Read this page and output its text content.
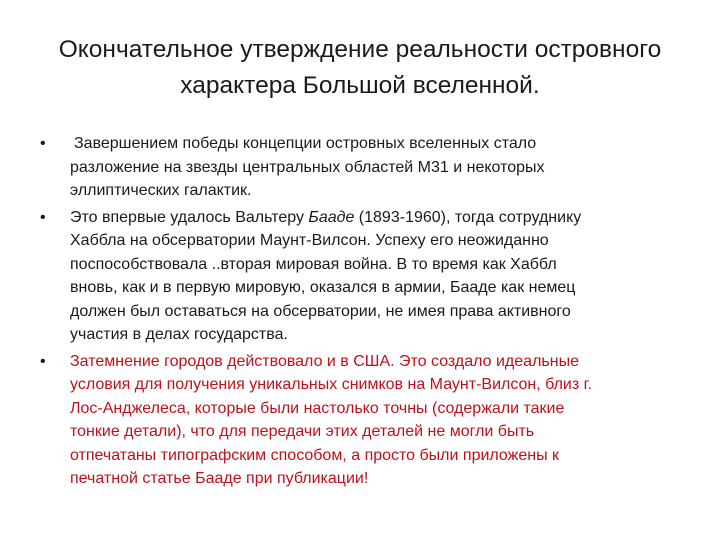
Окончательное утверждение реальности островного
характера Большой вселенной.
•	Завершением победы концепции островных вселенных стало
разложение на звезды центральных областей М31 и некоторых
эллиптических галактик.
•	Это впервые удалось Вальтеру Бааде (1893-1960), тогда сотруднику
Хаббла на обсерватории Маунт-Вилсон. Успеху его неожиданно
поспособствовала ..вторая мировая война. В то время как Хаббл
вновь, как и в первую мировую, оказался в армии, Бааде как немец
должен был оставаться на обсерватории, не имея права активного
участия в делах государства.
•	Затемнение городов действовало и в США. Это создало идеальные
условия для получения уникальных снимков на Маунт-Вилсон, близ г.
Лос-Анджелеса, которые были настолько точны (содержали такие
тонкие детали), что для передачи этих деталей не могли быть
отпечатаны типографским способом, а просто были приложены к
печатной статье Бааде при публикации!
